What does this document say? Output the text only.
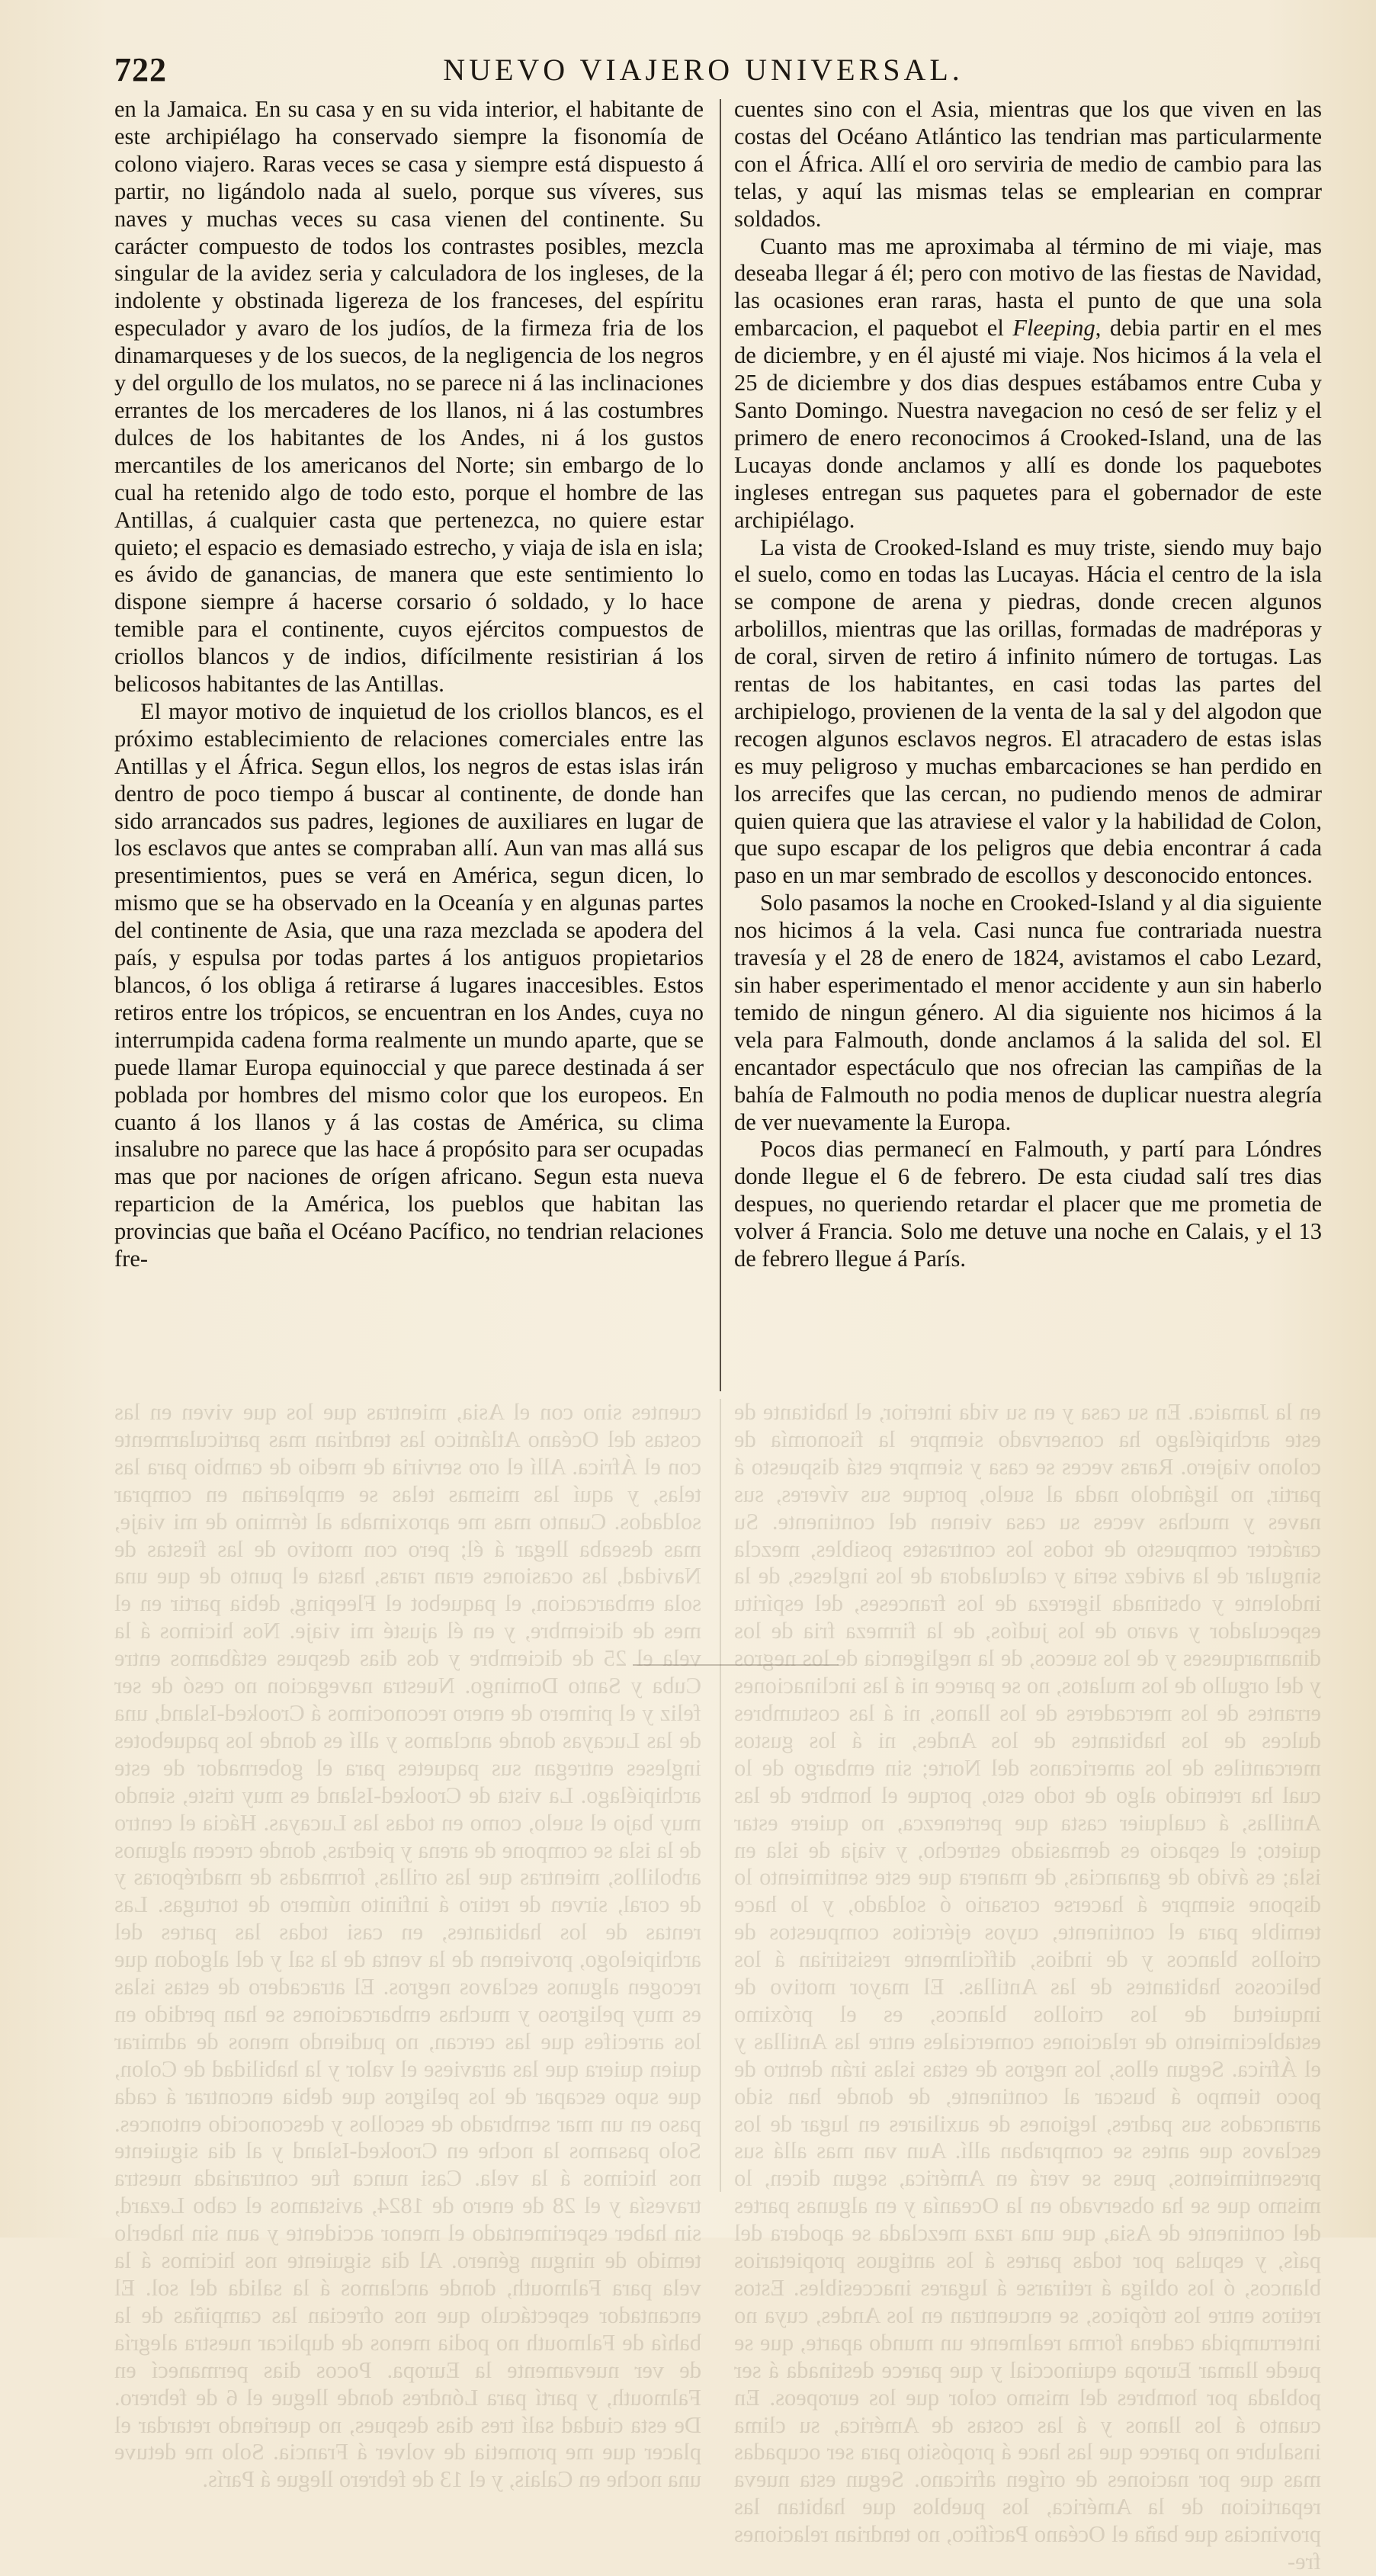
722	NUEVO VIAJERO UNIVERSAL.

en la Jamaica. En su casa y en su vida interior, el habitante de este archipiélago ha conservado siempre la fisonomía de colono viajero. Raras veces se casa y siempre está dispuesto á partir, no ligándolo nada al suelo, porque sus víveres, sus naves y muchas veces su casa vienen del continente. Su carácter compuesto de todos los contrastes posibles, mezcla singular de la avidez seria y calculadora de los ingleses, de la indolente y obstinada ligereza de los franceses, del espíritu especulador y avaro de los judíos, de la firmeza fria de los dinamarqueses y de los suecos, de la negligencia de los negros y del orgullo de los mulatos, no se parece ni á las inclinaciones errantes de los mercaderes de los llanos, ni á las costumbres dulces de los habitantes de los Andes, ni á los gustos mercantiles de los americanos del Norte; sin embargo de lo cual ha retenido algo de todo esto, porque el hombre de las Antillas, á cualquier casta que pertenezca, no quiere estar quieto; el espacio es demasiado estrecho, y viaja de isla en isla; es ávido de ganancias, de manera que este sentimiento lo dispone siempre á hacerse corsario ó soldado, y lo hace temible para el continente, cuyos ejércitos compuestos de criollos blancos y de indios, difícilmente resistirian á los belicosos habitantes de las Antillas.

El mayor motivo de inquietud de los criollos blancos, es el próximo establecimiento de relaciones comerciales entre las Antillas y el África. Segun ellos, los negros de estas islas irán dentro de poco tiempo á buscar al continente, de donde han sido arrancados sus padres, legiones de auxiliares en lugar de los esclavos que antes se compraban allí. Aun van mas allá sus presentimientos, pues se verá en América, segun dicen, lo mismo que se ha observado en la Oceanía y en algunas partes del continente de Asia, que una raza mezclada se apodera del país, y espulsa por todas partes á los antiguos propietarios blancos, ó los obliga á retirarse á lugares inaccesibles. Estos retiros entre los trópicos, se encuentran en los Andes, cuya no interrumpida cadena forma realmente un mundo aparte, que se puede llamar Europa equinoccial y que parece destinada á ser poblada por hombres del mismo color que los europeos. En cuanto á los llanos y á las costas de América, su clima insalubre no parece que las hace á propósito para ser ocupadas mas que por naciones de orígen africano. Segun esta nueva reparticion de la América, los pueblos que habitan las provincias que baña el Océano Pacífico, no tendrian relaciones fre-

cuentes sino con el Asia, mientras que los que viven en las costas del Océano Atlántico las tendrian mas particularmente con el África. Allí el oro serviria de medio de cambio para las telas, y aquí las mismas telas se emplearian en comprar soldados.

Cuanto mas me aproximaba al término de mi viaje, mas deseaba llegar á él; pero con motivo de las fiestas de Navidad, las ocasiones eran raras, hasta el punto de que una sola embarcacion, el paquebot el Fleeping, debia partir en el mes de diciembre, y en él ajusté mi viaje. Nos hicimos á la vela el 25 de diciembre y dos dias despues estábamos entre Cuba y Santo Domingo. Nuestra navegacion no cesó de ser feliz y el primero de enero reconocimos á Crooked-Island, una de las Lucayas donde anclamos y allí es donde los paquebotes ingleses entregan sus paquetes para el gobernador de este archipiélago.

La vista de Crooked-Island es muy triste, siendo muy bajo el suelo, como en todas las Lucayas. Hácia el centro de la isla se compone de arena y piedras, donde crecen algunos arbolillos, mientras que las orillas, formadas de madréporas y de coral, sirven de retiro á infinito número de tortugas. Las rentas de los habitantes, en casi todas las partes del archipielogo, provienen de la venta de la sal y del algodon que recogen algunos esclavos negros. El atracadero de estas islas es muy peligroso y muchas embarcaciones se han perdido en los arrecifes que las cercan, no pudiendo menos de admirar quien quiera que las atraviese el valor y la habilidad de Colon, que supo escapar de los peligros que debia encontrar á cada paso en un mar sembrado de escollos y desconocido entonces.

Solo pasamos la noche en Crooked-Island y al dia siguiente nos hicimos á la vela. Casi nunca fue contrariada nuestra travesía y el 28 de enero de 1824, avistamos el cabo Lezard, sin haber esperimentado el menor accidente y aun sin haberlo temido de ningun género. Al dia siguiente nos hicimos á la vela para Falmouth, donde anclamos á la salida del sol. El encantador espectáculo que nos ofrecian las campiñas de la bahía de Falmouth no podia menos de duplicar nuestra alegría de ver nuevamente la Europa.

Pocos dias permanecí en Falmouth, y partí para Lóndres donde llegue el 6 de febrero. De esta ciudad salí tres dias despues, no queriendo retardar el placer que me prometia de volver á Francia. Solo me detuve una noche en Calais, y el 13 de febrero llegue á París.

cuentes sino con el Asia, mientras que los que viven en las costas del Océano Atlántico las tendrian mas particularmente con el África. Allí el oro serviria de medio de cambio para las telas, y aquí las mismas telas se emplearian en comprar soldados. Cuanto mas me aproximaba al término de mi viaje, mas deseaba llegar á él; pero con motivo de las fiestas de Navidad, las ocasiones eran raras, hasta el punto de que una sola embarcacion, el paquebot el Fleeping, debia partir en el mes de diciembre, y en él ajusté mi viaje. Nos hicimos á la vela el 25 de diciembre y dos dias despues estábamos entre Cuba y Santo Domingo. Nuestra navegacion no cesó de ser feliz y el primero de enero reconocimos á Crooked-Island, una de las Lucayas donde anclamos y allí es donde los paquebotes ingleses entregan sus paquetes para el gobernador de este archipiélago. La vista de Crooked-Island es muy triste, siendo muy bajo el suelo, como en todas las Lucayas. Hácia el centro de la isla se compone de arena y piedras, donde crecen algunos arbolillos, mientras que las orillas, formadas de madréporas y de coral, sirven de retiro á infinito número de tortugas. Las rentas de los habitantes, en casi todas las partes del archipielogo, provienen de la venta de la sal y del algodon que recogen algunos esclavos negros. El atracadero de estas islas es muy peligroso y muchas embarcaciones se han perdido en los arrecifes que las cercan, no pudiendo menos de admirar quien quiera que las atraviese el valor y la habilidad de Colon, que supo escapar de los peligros que debia encontrar á cada paso en un mar sembrado de escollos y desconocido entonces. Solo pasamos la noche en Crooked-Island y al dia siguiente nos hicimos á la vela. Casi nunca fue contrariada nuestra travesía y el 28 de enero de 1824, avistamos el cabo Lezard, sin haber esperimentado el menor accidente y aun sin haberlo temido de ningun género. Al dia siguiente nos hicimos á la vela para Falmouth, donde anclamos á la salida del sol. El encantador espectáculo que nos ofrecian las campiñas de la bahía de Falmouth no podia menos de duplicar nuestra alegría de ver nuevamente la Europa. Pocos dias permanecí en Falmouth, y partí para Lóndres donde llegue el 6 de febrero. De esta ciudad salí tres dias despues, no queriendo retardar el placer que me prometia de volver á Francia. Solo me detuve una noche en Calais, y el 13 de febrero llegue á París.
en la Jamaica. En su casa y en su vida interior, el habitante de este archipiélago ha conservado siempre la fisonomía de colono viajero. Raras veces se casa y siempre está dispuesto á partir, no ligándolo nada al suelo, porque sus víveres, sus naves y muchas veces su casa vienen del continente. Su carácter compuesto de todos los contrastes posibles, mezcla singular de la avidez seria y calculadora de los ingleses, de la indolente y obstinada ligereza de los franceses, del espíritu especulador y avaro de los judíos, de la firmeza fria de los dinamarqueses y de los suecos, de la negligencia de los negros y del orgullo de los mulatos, no se parece ni á las inclinaciones errantes de los mercaderes de los llanos, ni á las costumbres dulces de los habitantes de los Andes, ni á los gustos mercantiles de los americanos del Norte; sin embargo de lo cual ha retenido algo de todo esto, porque el hombre de las Antillas, á cualquier casta que pertenezca, no quiere estar quieto; el espacio es demasiado estrecho, y viaja de isla en isla; es ávido de ganancias, de manera que este sentimiento lo dispone siempre á hacerse corsario ó soldado, y lo hace temible para el continente, cuyos ejércitos compuestos de criollos blancos y de indios, difícilmente resistirian á los belicosos habitantes de las Antillas. El mayor motivo de inquietud de los criollos blancos, es el próximo establecimiento de relaciones comerciales entre las Antillas y el África. Segun ellos, los negros de estas islas irán dentro de poco tiempo á buscar al continente, de donde han sido arrancados sus padres, legiones de auxiliares en lugar de los esclavos que antes se compraban allí. Aun van mas allá sus presentimientos, pues se verá en América, segun dicen, lo mismo que se ha observado en la Oceanía y en algunas partes del continente de Asia, que una raza mezclada se apodera del país, y espulsa por todas partes á los antiguos propietarios blancos, ó los obliga á retirarse á lugares inaccesibles. Estos retiros entre los trópicos, se encuentran en los Andes, cuya no interrumpida cadena forma realmente un mundo aparte, que se puede llamar Europa equinoccial y que parece destinada á ser poblada por hombres del mismo color que los europeos. En cuanto á los llanos y á las costas de América, su clima insalubre no parece que las hace á propósito para ser ocupadas mas que por naciones de orígen africano. Segun esta nueva reparticion de la América, los pueblos que habitan las provincias que baña el Océano Pacífico, no tendrian relaciones fre-
